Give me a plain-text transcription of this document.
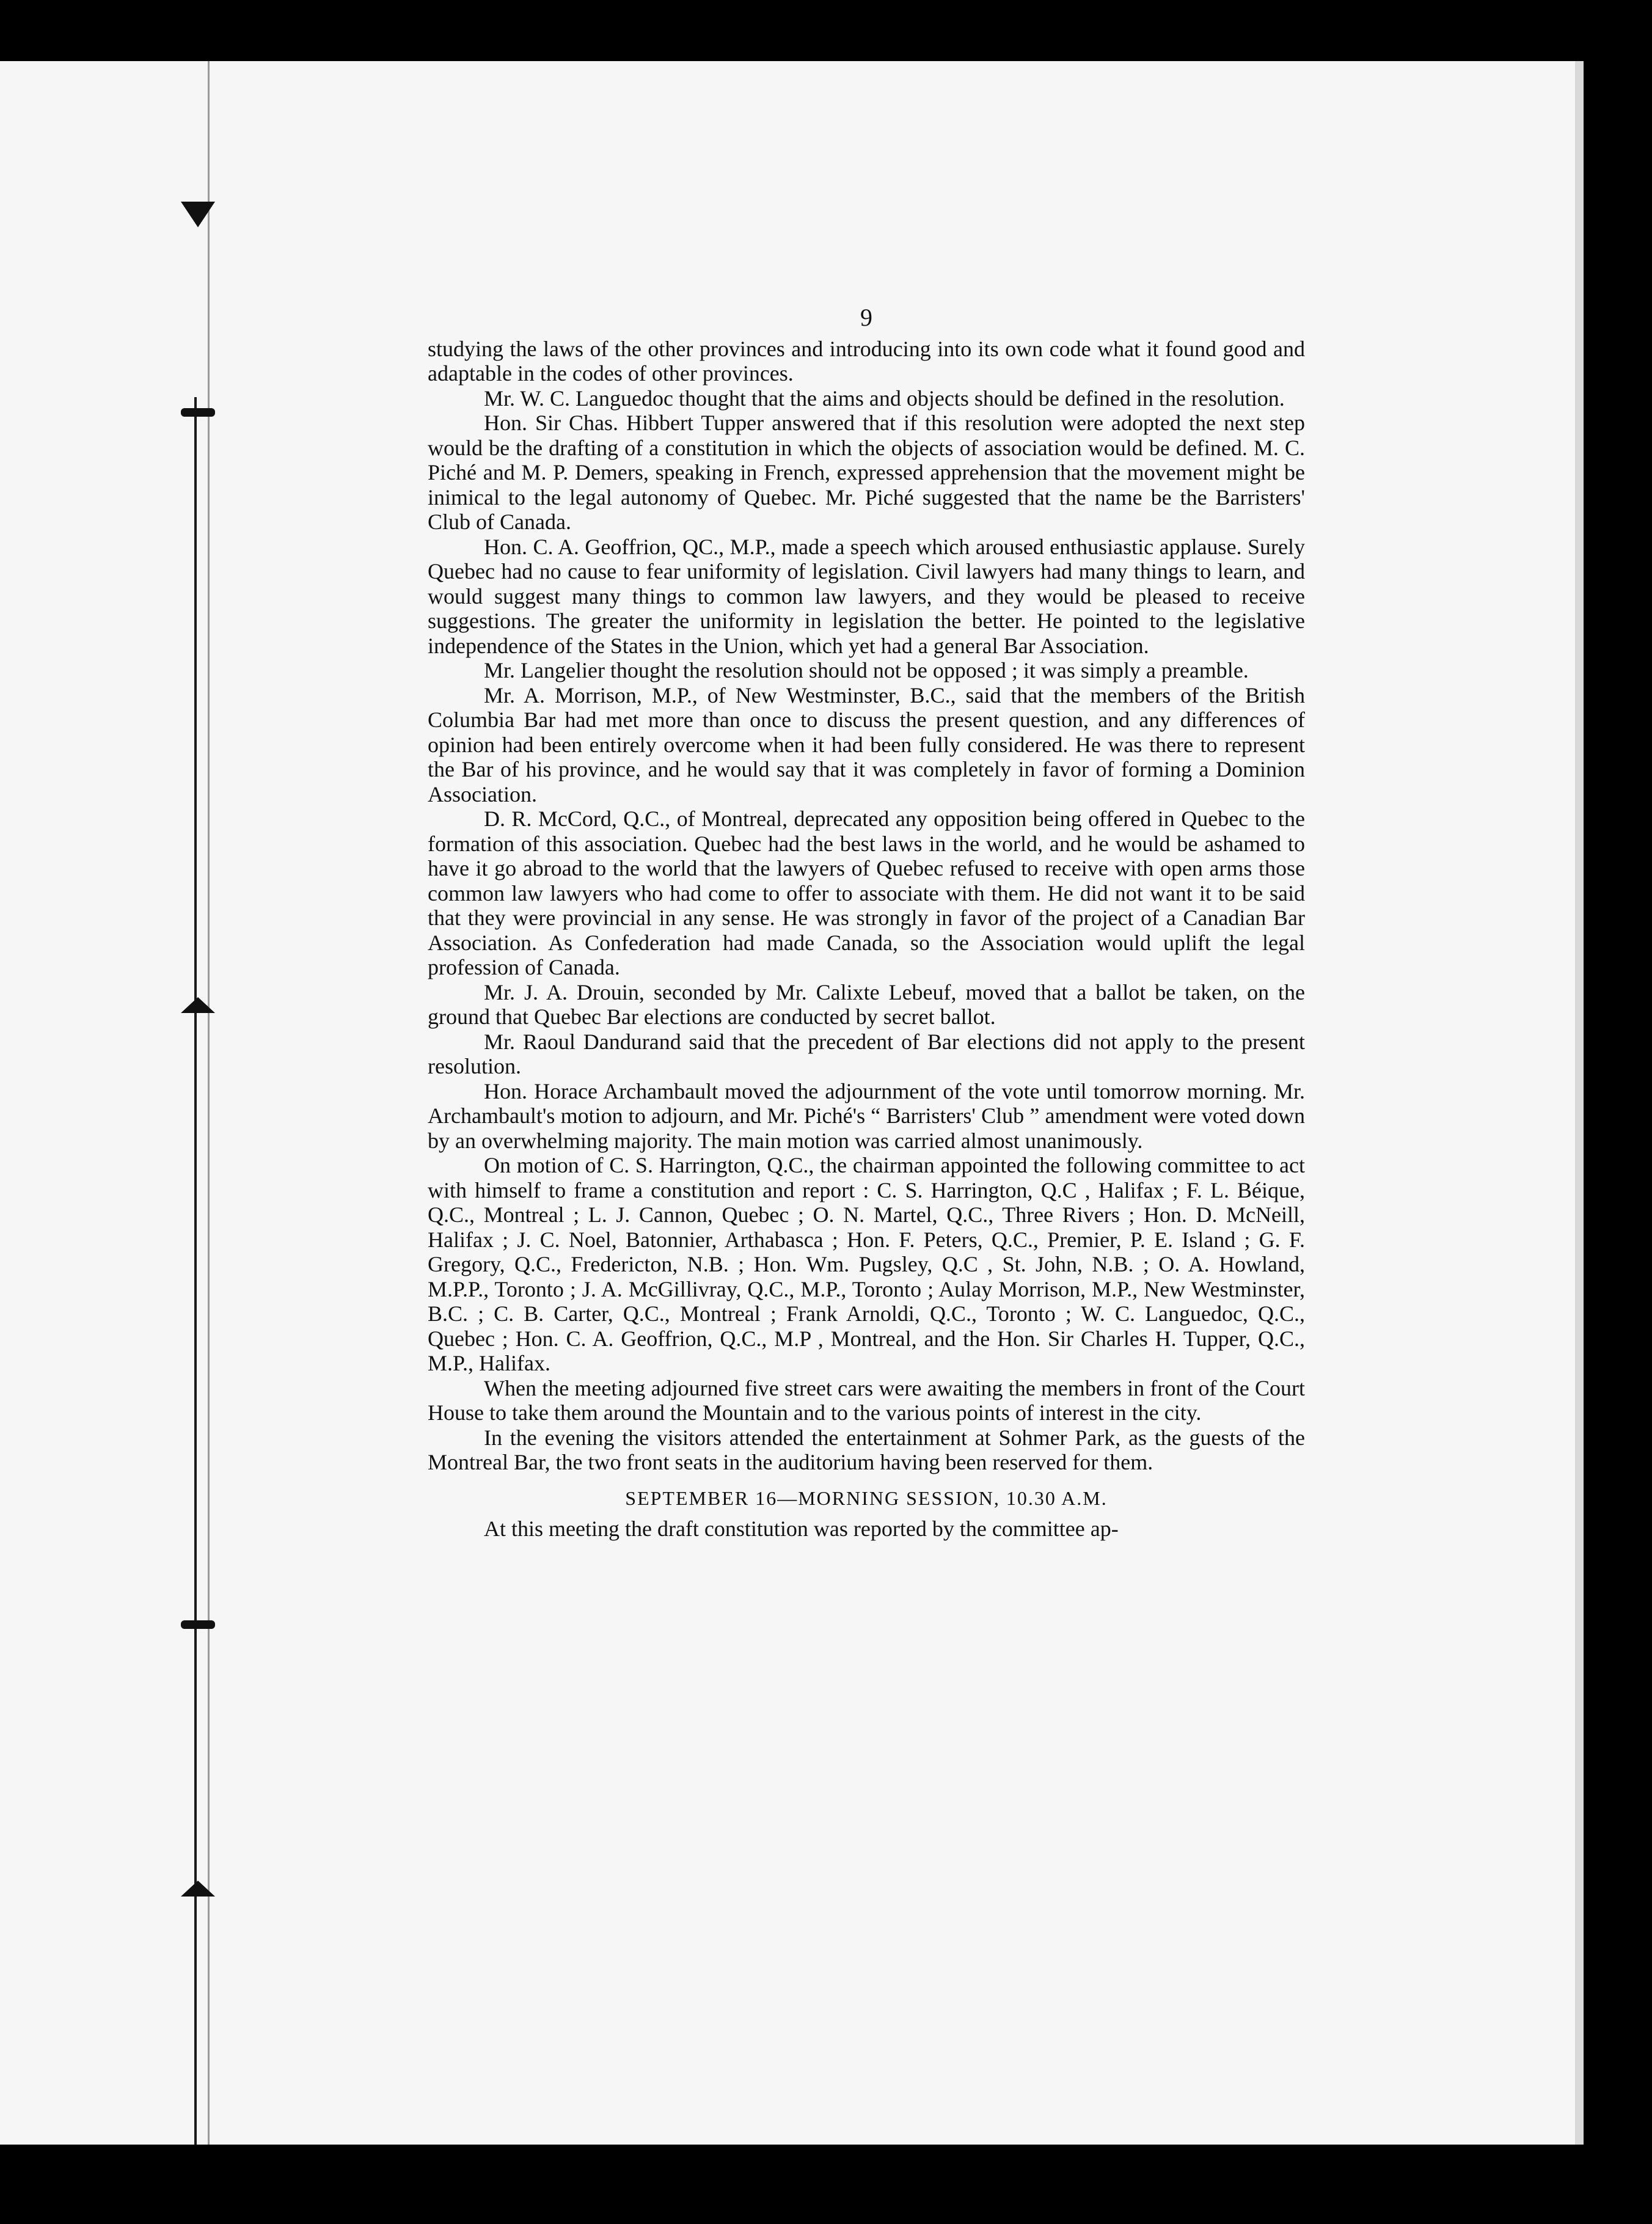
9

studying the laws of the other provinces and introducing into its own code what it found good and adaptable in the codes of other provinces.

Mr. W. C. Languedoc thought that the aims and objects should be defined in the resolution.

Hon. Sir Chas. Hibbert Tupper answered that if this resolution were adopted the next step would be the drafting of a constitution in which the objects of association would be defined. M. C. Piché and M. P. Demers, speaking in French, expressed apprehension that the movement might be inimical to the legal autonomy of Quebec. Mr. Piché suggested that the name be the Barristers' Club of Canada.

Hon. C. A. Geoffrion, QC., M.P., made a speech which aroused enthusiastic applause. Surely Quebec had no cause to fear uniformity of legislation. Civil lawyers had many things to learn, and would suggest many things to common law lawyers, and they would be pleased to receive suggestions. The greater the uniformity in legislation the better. He pointed to the legislative independence of the States in the Union, which yet had a general Bar Association.

Mr. Langelier thought the resolution should not be opposed ; it was simply a preamble.

Mr. A. Morrison, M.P., of New Westminster, B.C., said that the members of the British Columbia Bar had met more than once to discuss the present question, and any differences of opinion had been entirely overcome when it had been fully considered. He was there to represent the Bar of his province, and he would say that it was completely in favor of forming a Dominion Association.

D. R. McCord, Q.C., of Montreal, deprecated any opposition being offered in Quebec to the formation of this association. Quebec had the best laws in the world, and he would be ashamed to have it go abroad to the world that the lawyers of Quebec refused to receive with open arms those common law lawyers who had come to offer to associate with them. He did not want it to be said that they were provincial in any sense. He was strongly in favor of the project of a Canadian Bar Association. As Confederation had made Canada, so the Association would uplift the legal profession of Canada.

Mr. J. A. Drouin, seconded by Mr. Calixte Lebeuf, moved that a ballot be taken, on the ground that Quebec Bar elections are conducted by secret ballot.

Mr. Raoul Dandurand said that the precedent of Bar elections did not apply to the present resolution.

Hon. Horace Archambault moved the adjournment of the vote until tomorrow morning. Mr. Archambault's motion to adjourn, and Mr. Piché's “ Barristers' Club ” amendment were voted down by an overwhelming majority. The main motion was carried almost unanimously.

On motion of C. S. Harrington, Q.C., the chairman appointed the following committee to act with himself to frame a constitution and report : C. S. Harrington, Q.C , Halifax ; F. L. Béique, Q.C., Montreal ; L. J. Cannon, Quebec ; O. N. Martel, Q.C., Three Rivers ; Hon. D. McNeill, Halifax ; J. C. Noel, Batonnier, Arthabasca ; Hon. F. Peters, Q.C., Premier, P. E. Island ; G. F. Gregory, Q.C., Fredericton, N.B. ; Hon. Wm. Pugsley, Q.C , St. John, N.B. ; O. A. Howland, M.P.P., Toronto ; J. A. McGillivray, Q.C., M.P., Toronto ; Aulay Morrison, M.P., New Westminster, B.C. ; C. B. Carter, Q.C., Montreal ; Frank Arnoldi, Q.C., Toronto ; W. C. Languedoc, Q.C., Quebec ; Hon. C. A. Geoffrion, Q.C., M.P , Montreal, and the Hon. Sir Charles H. Tupper, Q.C., M.P., Halifax.

When the meeting adjourned five street cars were awaiting the members in front of the Court House to take them around the Mountain and to the various points of interest in the city.

In the evening the visitors attended the entertainment at Sohmer Park, as the guests of the Montreal Bar, the two front seats in the auditorium having been reserved for them.

SEPTEMBER 16—MORNING SESSION, 10.30 A.M.

At this meeting the draft constitution was reported by the committee ap-
